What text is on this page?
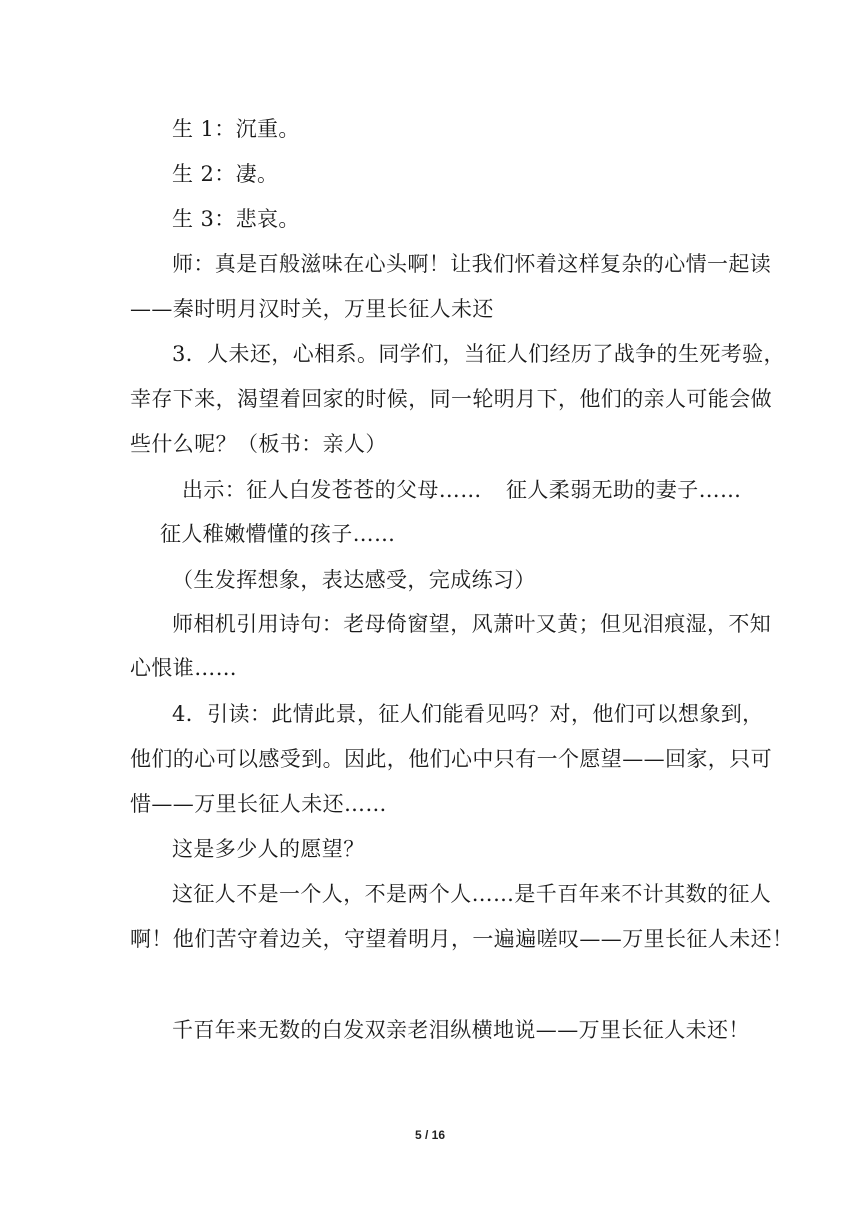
生 1：沉重。
生 2：凄。
生 3：悲哀。
师：真是百般滋味在心头啊！让我们怀着这样复杂的心情一起读
——秦时明月汉时关，万里长征人未还
3．人未还，心相系。同学们，当征人们经历了战争的生死考验，
幸存下来，渴望着回家的时候，同一轮明月下，他们的亲人可能会做
些什么呢？（板书：亲人）
出示：征人白发苍苍的父母…… 征人柔弱无助的妻子……
征人稚嫩懵懂的孩子……
（生发挥想象，表达感受，完成练习）
师相机引用诗句：老母倚窗望，风萧叶又黄；但见泪痕湿，不知
心恨谁……
4．引读：此情此景，征人们能看见吗？对，他们可以想象到，
他们的心可以感受到。因此，他们心中只有一个愿望——回家，只可
惜——万里长征人未还……
这是多少人的愿望？
这征人不是一个人，不是两个人……是千百年来不计其数的征人
啊！他们苦守着边关，守望着明月，一遍遍嗟叹——万里长征人未还！
千百年来无数的白发双亲老泪纵横地说——万里长征人未还！
5 / 16
